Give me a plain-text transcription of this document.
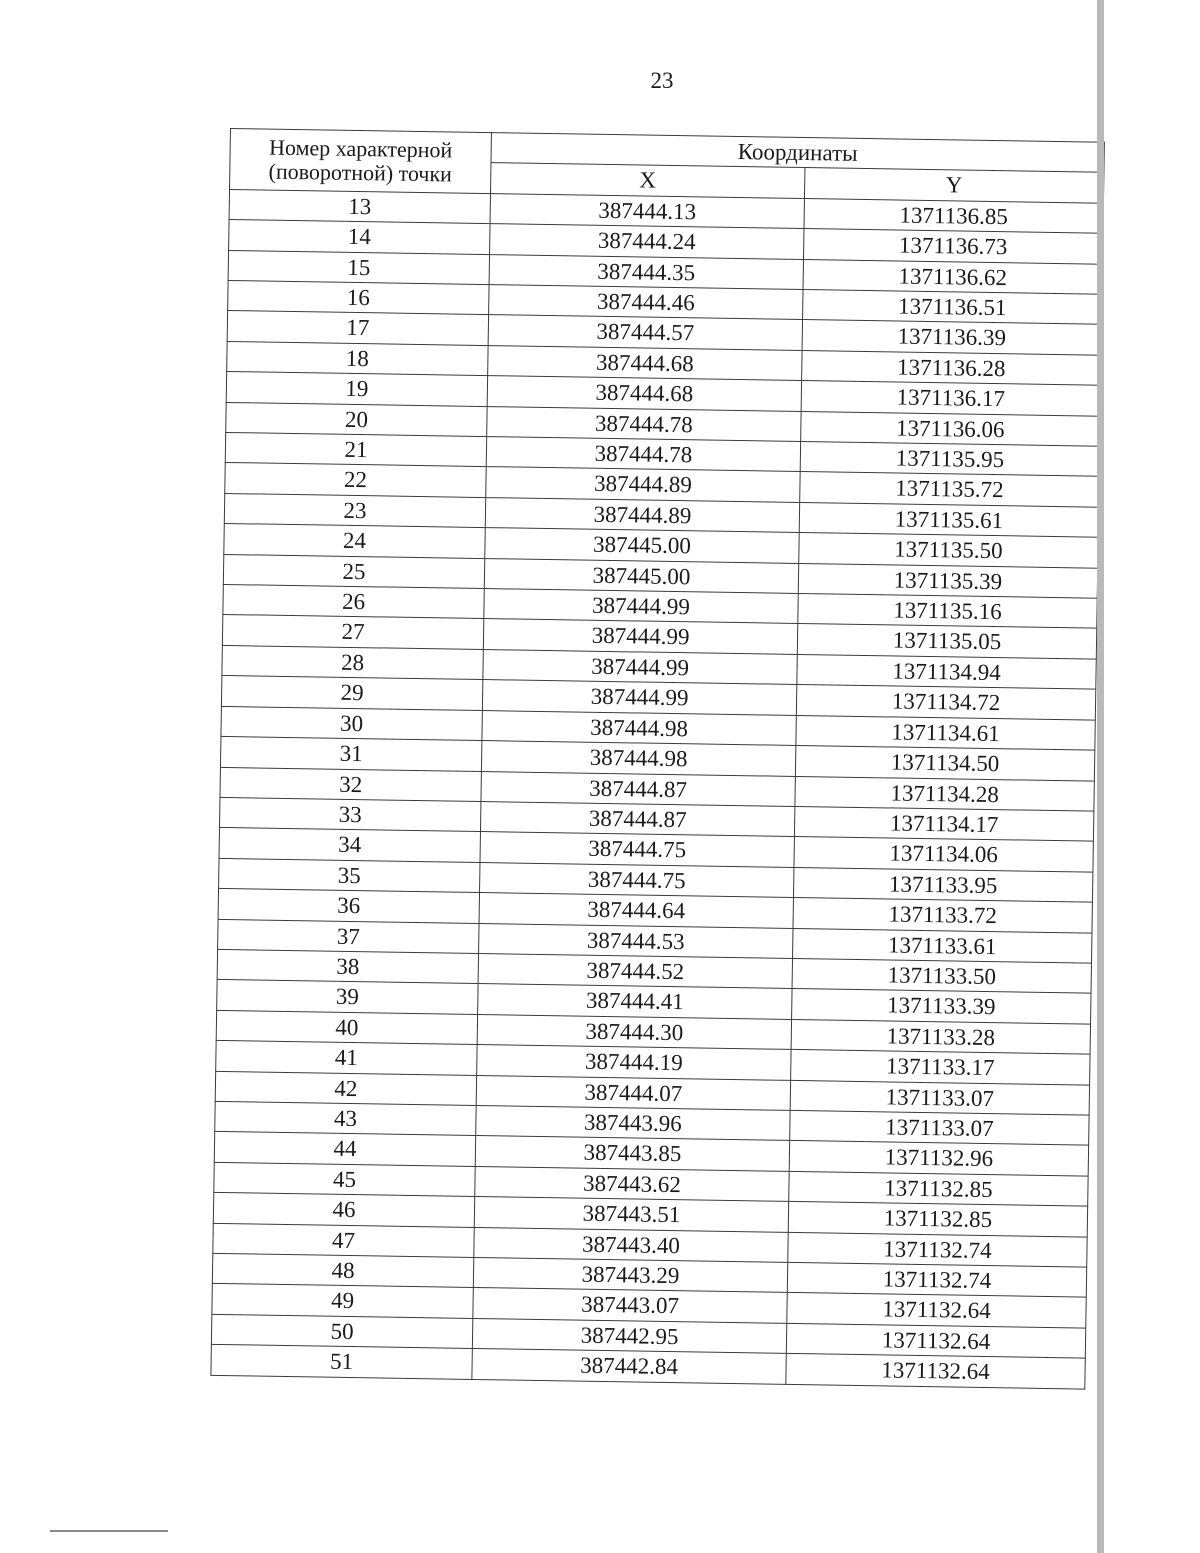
23
Номер характерной (поворотной) точки	Координаты	
	X	Y
13	387444.13	1371136.85
14	387444.24	1371136.73
15	387444.35	1371136.62
16	387444.46	1371136.51
17	387444.57	1371136.39
18	387444.68	1371136.28
19	387444.68	1371136.17
20	387444.78	1371136.06
21	387444.78	1371135.95
22	387444.89	1371135.72
23	387444.89	1371135.61
24	387445.00	1371135.50
25	387445.00	1371135.39
26	387444.99	1371135.16
27	387444.99	1371135.05
28	387444.99	1371134.94
29	387444.99	1371134.72
30	387444.98	1371134.61
31	387444.98	1371134.50
32	387444.87	1371134.28
33	387444.87	1371134.17
34	387444.75	1371134.06
35	387444.75	1371133.95
36	387444.64	1371133.72
37	387444.53	1371133.61
38	387444.52	1371133.50
39	387444.41	1371133.39
40	387444.30	1371133.28
41	387444.19	1371133.17
42	387444.07	1371133.07
43	387443.96	1371133.07
44	387443.85	1371132.96
45	387443.62	1371132.85
46	387443.51	1371132.85
47	387443.40	1371132.74
48	387443.29	1371132.74
49	387443.07	1371132.64
50	387442.95	1371132.64
51	387442.84	1371132.64
